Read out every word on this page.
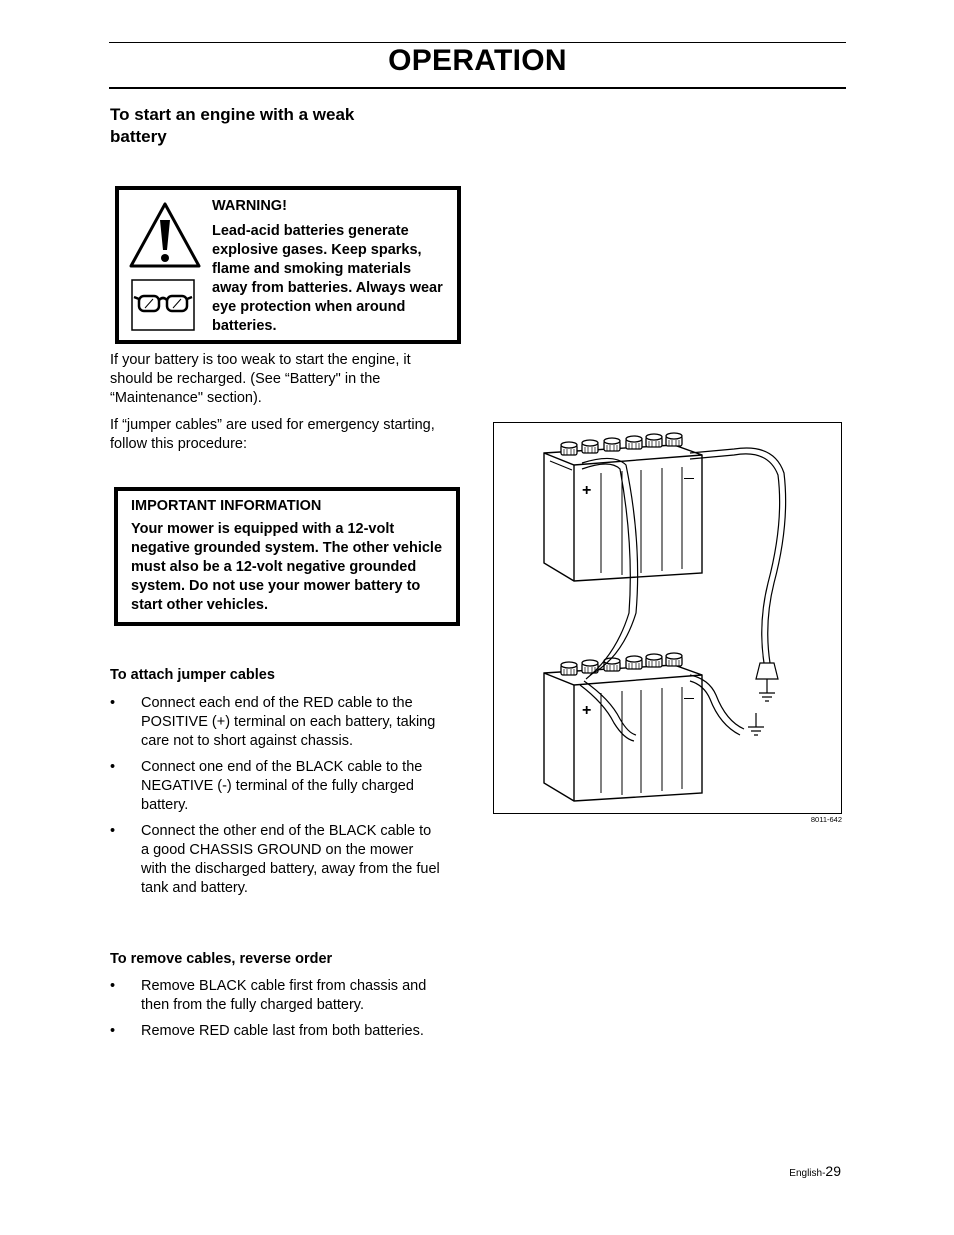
OPERATION
To start an engine with a weak battery

WARNING!

Lead-acid batteries generate explosive gases. Keep sparks, flame and smoking materials away from batteries. Always wear eye protection when around batteries.

If your battery is too weak to start the engine, it should be recharged. (See “Battery" in the “Maintenance" section).
If “jumper cables” are used for emergency starting, follow this procedure:

IMPORTANT INFORMATION

Your mower is equipped with a 12-volt negative grounded system. The other vehicle must also be a 12-volt negative grounded system. Do not use your mower battery to start other vehicles.

To attach jumper cables
• Connect each end of the RED cable to the POSITIVE (+) terminal on each battery, taking care not to short against chassis.
• Connect one end of the BLACK cable to the NEGATIVE (-) terminal of the fully charged battery.
• Connect the other end of the BLACK cable to a good CHASSIS GROUND on the mower with the discharged battery, away from the fuel tank and battery.
To remove cables, reverse order
• Remove BLACK cable first from chassis and then from the fully charged battery.
• Remove RED cable last from both batteries.
+
—
+
—
8011-642
English-29
